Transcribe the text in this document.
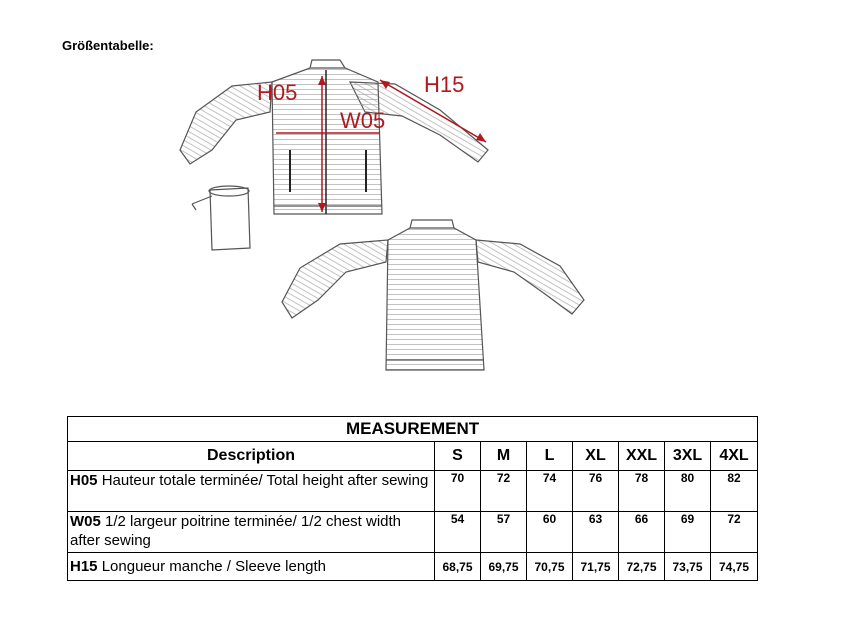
Größentabelle:
H05
W05
H15
MEASUREMENT							
Description	S	M	L	XL	XXL	3XL	4XL
H05 Hauteur totale terminée/ Total height after sewing	70	72	74	76	78	80	82
W05 1/2 largeur poitrine terminée/ 1/2 chest width after sewing	54	57	60	63	66	69	72
H15 Longueur manche / Sleeve length	68,75	69,75	70,75	71,75	72,75	73,75	74,75
